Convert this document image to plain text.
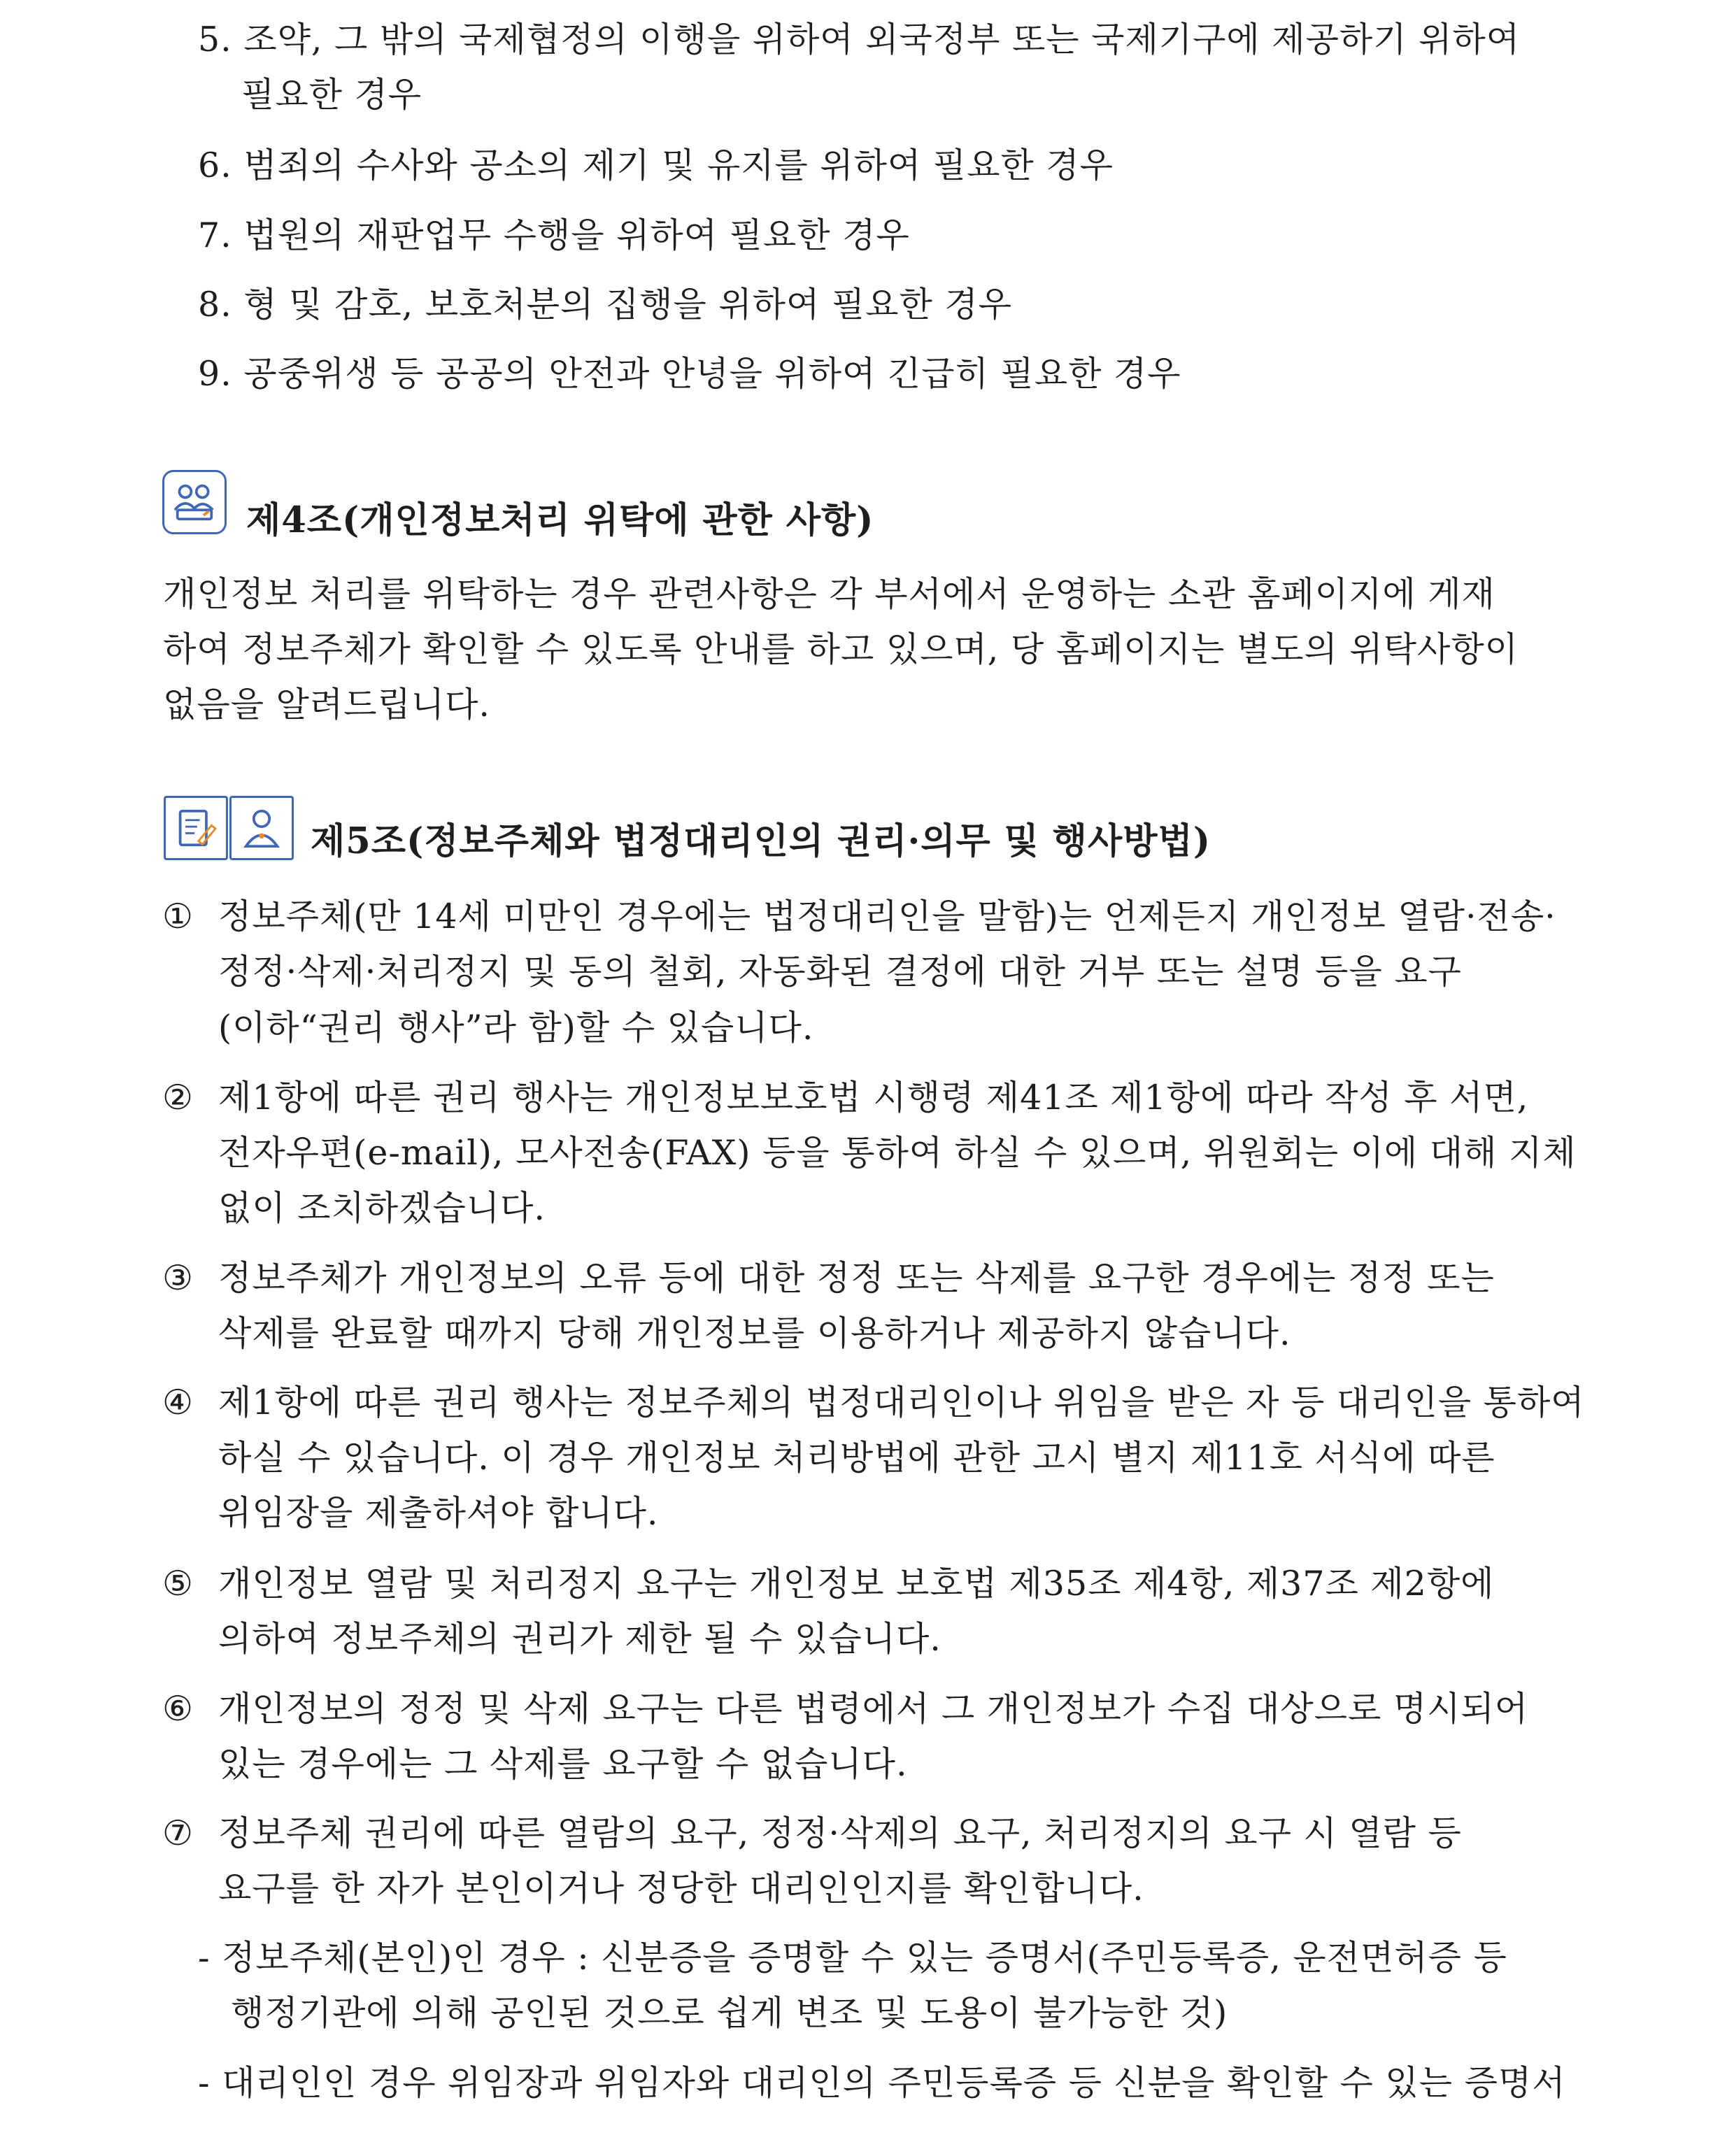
5. 조약, 그 밖의 국제협정의 이행을 위하여 외국정부 또는 국제기구에 제공하기 위하여
필요한 경우
6. 범죄의 수사와 공소의 제기 및 유지를 위하여 필요한 경우
7. 법원의 재판업무 수행을 위하여 필요한 경우
8. 형 및 감호, 보호처분의 집행을 위하여 필요한 경우
9. 공중위생 등 공공의 안전과 안녕을 위하여 긴급히 필요한 경우
제4조(개인정보처리 위탁에 관한 사항)
개인정보 처리를 위탁하는 경우 관련사항은 각 부서에서 운영하는 소관 홈페이지에 게재
하여 정보주체가 확인할 수 있도록 안내를 하고 있으며, 당 홈페이지는 별도의 위탁사항이
없음을 알려드립니다.
제5조(정보주체와 법정대리인의 권리·의무 및 행사방법)
① 정보주체(만 14세 미만인 경우에는 법정대리인을 말함)는 언제든지 개인정보 열람·전송·
정정·삭제·처리정지 및 동의 철회, 자동화된 결정에 대한 거부 또는 설명 등을 요구
(이하“권리 행사”라 함)할 수 있습니다.
② 제1항에 따른 권리 행사는 개인정보보호법 시행령 제41조 제1항에 따라 작성 후 서면,
전자우편(e-mail), 모사전송(FAX) 등을 통하여 하실 수 있으며, 위원회는 이에 대해 지체
없이 조치하겠습니다.
③ 정보주체가 개인정보의 오류 등에 대한 정정 또는 삭제를 요구한 경우에는 정정 또는
삭제를 완료할 때까지 당해 개인정보를 이용하거나 제공하지 않습니다.
④ 제1항에 따른 권리 행사는 정보주체의 법정대리인이나 위임을 받은 자 등 대리인을 통하여
하실 수 있습니다. 이 경우 개인정보 처리방법에 관한 고시 별지 제11호 서식에 따른
위임장을 제출하셔야 합니다.
⑤ 개인정보 열람 및 처리정지 요구는 개인정보 보호법 제35조 제4항, 제37조 제2항에
의하여 정보주체의 권리가 제한 될 수 있습니다.
⑥ 개인정보의 정정 및 삭제 요구는 다른 법령에서 그 개인정보가 수집 대상으로 명시되어
있는 경우에는 그 삭제를 요구할 수 없습니다.
⑦ 정보주체 권리에 따른 열람의 요구, 정정·삭제의 요구, 처리정지의 요구 시 열람 등
요구를 한 자가 본인이거나 정당한 대리인인지를 확인합니다.
- 정보주체(본인)인 경우 : 신분증을 증명할 수 있는 증명서(주민등록증, 운전면허증 등
행정기관에 의해 공인된 것으로 쉽게 변조 및 도용이 불가능한 것)
- 대리인인 경우 위임장과 위임자와 대리인의 주민등록증 등 신분을 확인할 수 있는 증명서
